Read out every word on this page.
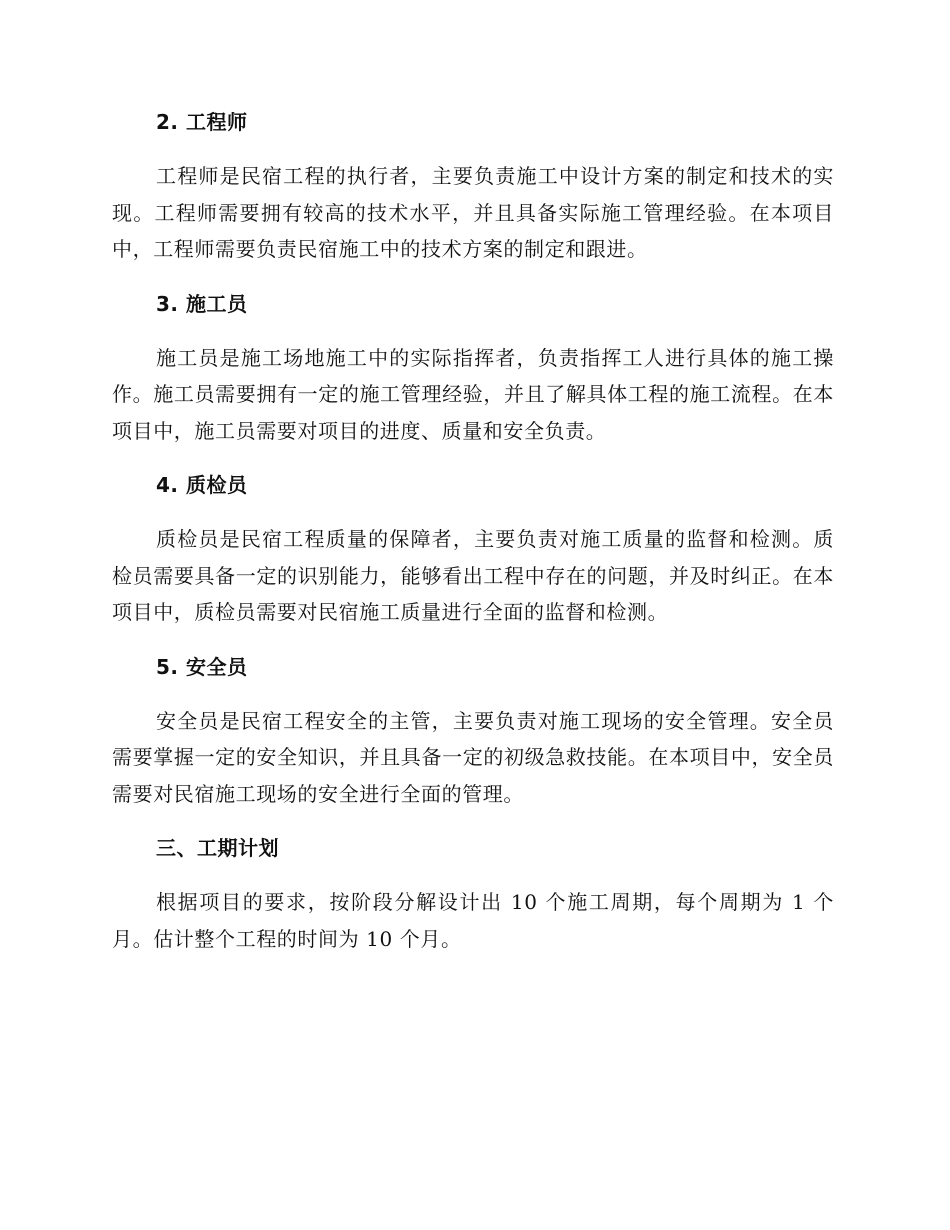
2. 工程师

工程师是民宿工程的执行者，主要负责施工中设计方案的制定和技术的实现。工程师需要拥有较高的技术水平，并且具备实际施工管理经验。在本项目中，工程师需要负责民宿施工中的技术方案的制定和跟进。

3. 施工员

施工员是施工场地施工中的实际指挥者，负责指挥工人进行具体的施工操作。施工员需要拥有一定的施工管理经验，并且了解具体工程的施工流程。在本项目中，施工员需要对项目的进度、质量和安全负责。

4. 质检员

质检员是民宿工程质量的保障者，主要负责对施工质量的监督和检测。质检员需要具备一定的识别能力，能够看出工程中存在的问题，并及时纠正。在本项目中，质检员需要对民宿施工质量进行全面的监督和检测。

5. 安全员

安全员是民宿工程安全的主管，主要负责对施工现场的安全管理。安全员需要掌握一定的安全知识，并且具备一定的初级急救技能。在本项目中，安全员需要对民宿施工现场的安全进行全面的管理。

三、工期计划

根据项目的要求，按阶段分解设计出 10 个施工周期，每个周期为 1 个月。估计整个工程的时间为 10 个月。
